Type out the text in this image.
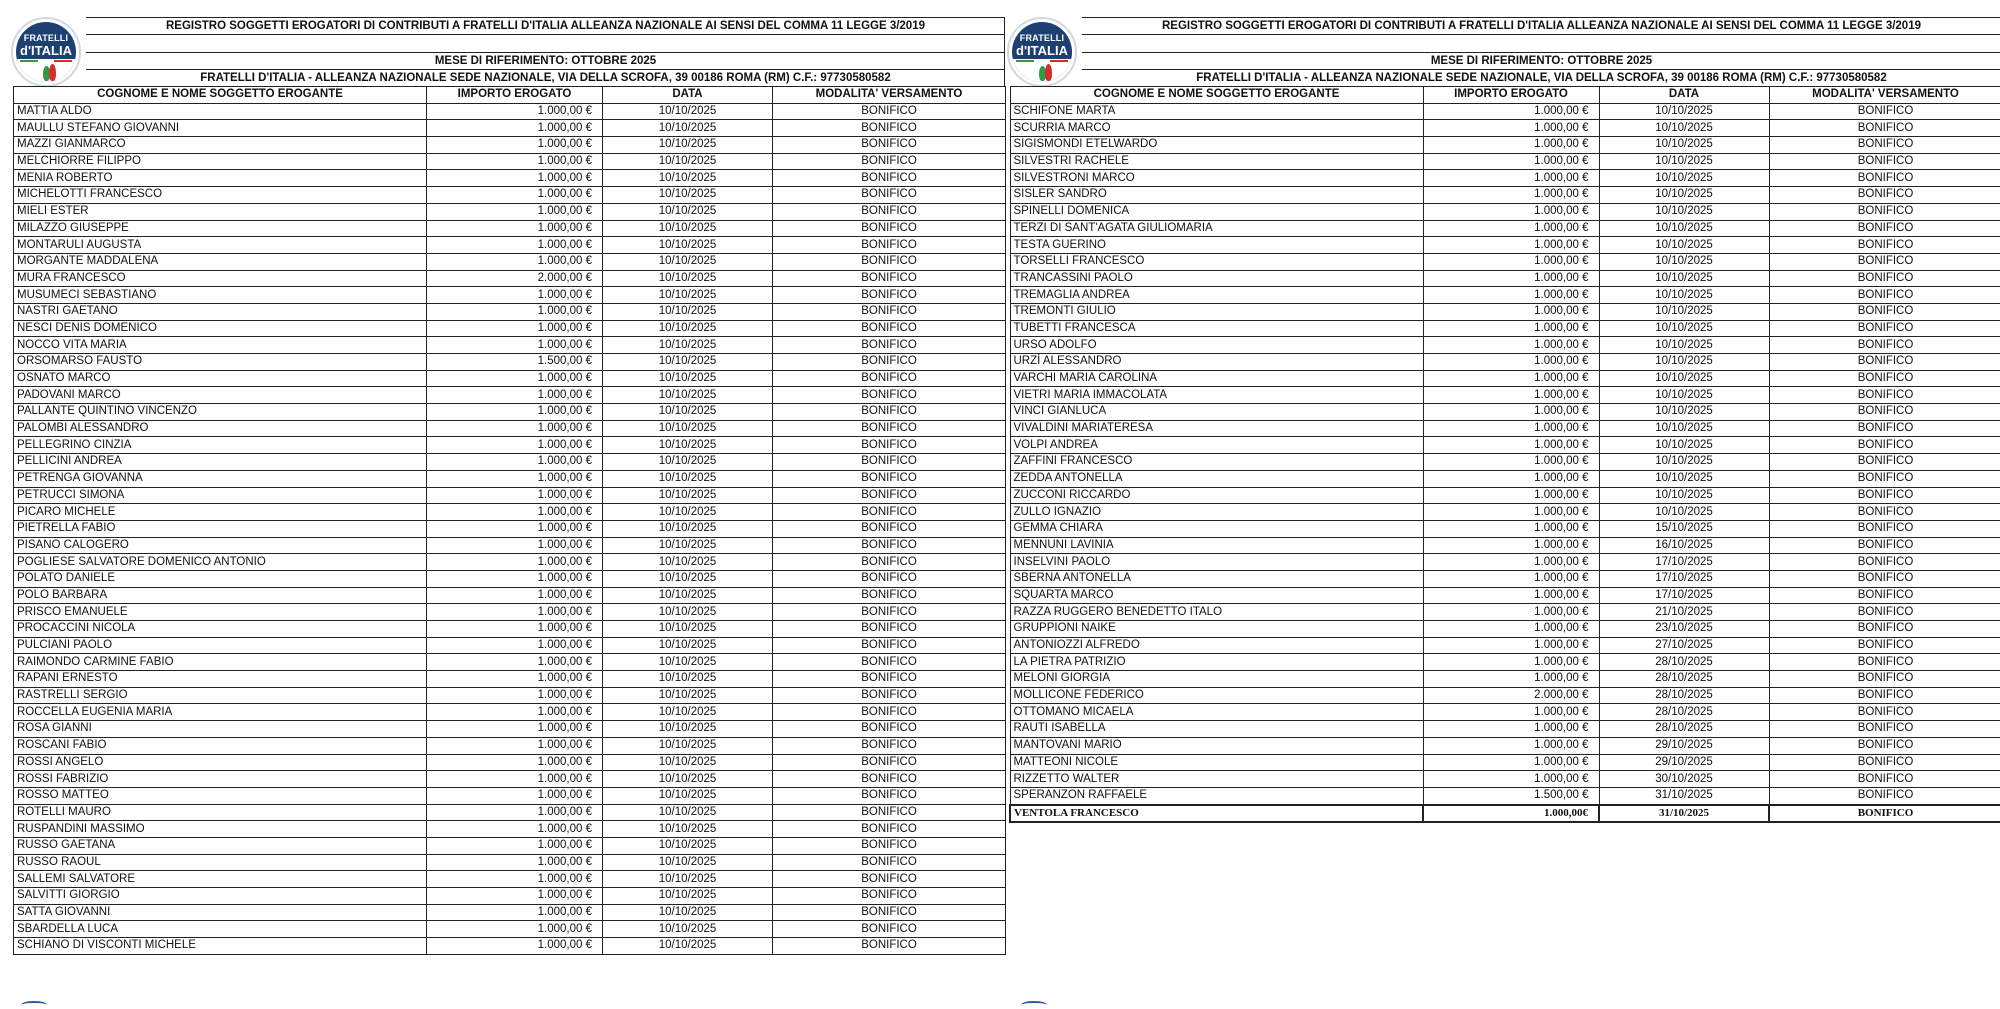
FRATELLI
d'ITALIA
REGISTRO SOGGETTI EROGATORI DI CONTRIBUTI A FRATELLI D'ITALIA ALLEANZA NAZIONALE AI SENSI DEL COMMA 11 LEGGE 3/2019
MESE DI RIFERIMENTO: OTTOBRE 2025
FRATELLI D'ITALIA - ALLEANZA NAZIONALE SEDE NAZIONALE, VIA DELLA SCROFA, 39 00186 ROMA (RM) C.F.: 97730580582
COGNOME E NOME SOGGETTO EROGANTE	IMPORTO EROGATO	DATA	MODALITA' VERSAMENTO
MATTIA ALDO	1.000,00 €	10/10/2025	BONIFICO
MAULLU STEFANO GIOVANNI	1.000,00 €	10/10/2025	BONIFICO
MAZZI GIANMARCO	1.000,00 €	10/10/2025	BONIFICO
MELCHIORRE FILIPPO	1.000,00 €	10/10/2025	BONIFICO
MENIA ROBERTO	1.000,00 €	10/10/2025	BONIFICO
MICHELOTTI FRANCESCO	1.000,00 €	10/10/2025	BONIFICO
MIELI ESTER	1.000,00 €	10/10/2025	BONIFICO
MILAZZO GIUSEPPE	1.000,00 €	10/10/2025	BONIFICO
MONTARULI AUGUSTA	1.000,00 €	10/10/2025	BONIFICO
MORGANTE MADDALENA	1.000,00 €	10/10/2025	BONIFICO
MURA FRANCESCO	2.000,00 €	10/10/2025	BONIFICO
MUSUMECI SEBASTIANO	1.000,00 €	10/10/2025	BONIFICO
NASTRI GAETANO	1.000,00 €	10/10/2025	BONIFICO
NESCI DENIS DOMENICO	1.000,00 €	10/10/2025	BONIFICO
NOCCO VITA MARIA	1.000,00 €	10/10/2025	BONIFICO
ORSOMARSO FAUSTO	1.500,00 €	10/10/2025	BONIFICO
OSNATO MARCO	1.000,00 €	10/10/2025	BONIFICO
PADOVANI MARCO	1.000,00 €	10/10/2025	BONIFICO
PALLANTE QUINTINO VINCENZO	1.000,00 €	10/10/2025	BONIFICO
PALOMBI ALESSANDRO	1.000,00 €	10/10/2025	BONIFICO
PELLEGRINO CINZIA	1.000,00 €	10/10/2025	BONIFICO
PELLICINI ANDREA	1.000,00 €	10/10/2025	BONIFICO
PETRENGA GIOVANNA	1.000,00 €	10/10/2025	BONIFICO
PETRUCCI SIMONA	1.000,00 €	10/10/2025	BONIFICO
PICARO MICHELE	1.000,00 €	10/10/2025	BONIFICO
PIETRELLA FABIO	1.000,00 €	10/10/2025	BONIFICO
PISANO CALOGERO	1.000,00 €	10/10/2025	BONIFICO
POGLIESE SALVATORE DOMENICO ANTONIO	1.000,00 €	10/10/2025	BONIFICO
POLATO DANIELE	1.000,00 €	10/10/2025	BONIFICO
POLO BARBARA	1.000,00 €	10/10/2025	BONIFICO
PRISCO EMANUELE	1.000,00 €	10/10/2025	BONIFICO
PROCACCINI NICOLA	1.000,00 €	10/10/2025	BONIFICO
PULCIANI PAOLO	1.000,00 €	10/10/2025	BONIFICO
RAIMONDO CARMINE FABIO	1.000,00 €	10/10/2025	BONIFICO
RAPANI ERNESTO	1.000,00 €	10/10/2025	BONIFICO
RASTRELLI SERGIO	1.000,00 €	10/10/2025	BONIFICO
ROCCELLA EUGENIA MARIA	1.000,00 €	10/10/2025	BONIFICO
ROSA GIANNI	1.000,00 €	10/10/2025	BONIFICO
ROSCANI FABIO	1.000,00 €	10/10/2025	BONIFICO
ROSSI ANGELO	1.000,00 €	10/10/2025	BONIFICO
ROSSI FABRIZIO	1.000,00 €	10/10/2025	BONIFICO
ROSSO MATTEO	1.000,00 €	10/10/2025	BONIFICO
ROTELLI MAURO	1.000,00 €	10/10/2025	BONIFICO
RUSPANDINI MASSIMO	1.000,00 €	10/10/2025	BONIFICO
RUSSO GAETANA	1.000,00 €	10/10/2025	BONIFICO
RUSSO RAOUL	1.000,00 €	10/10/2025	BONIFICO
SALLEMI SALVATORE	1.000,00 €	10/10/2025	BONIFICO
SALVITTI GIORGIO	1.000,00 €	10/10/2025	BONIFICO
SATTA GIOVANNI	1.000,00 €	10/10/2025	BONIFICO
SBARDELLA LUCA	1.000,00 €	10/10/2025	BONIFICO
SCHIANO DI VISCONTI MICHELE	1.000,00 €	10/10/2025	BONIFICO
FRATELLI
d'ITALIA
REGISTRO SOGGETTI EROGATORI DI CONTRIBUTI A FRATELLI D'ITALIA ALLEANZA NAZIONALE AI SENSI DEL COMMA 11 LEGGE 3/2019
MESE DI RIFERIMENTO: OTTOBRE 2025
FRATELLI D'ITALIA - ALLEANZA NAZIONALE SEDE NAZIONALE, VIA DELLA SCROFA, 39 00186 ROMA (RM) C.F.: 97730580582
COGNOME E NOME SOGGETTO EROGANTE	IMPORTO EROGATO	DATA	MODALITA' VERSAMENTO
SCHIFONE MARTA	1.000,00 €	10/10/2025	BONIFICO
SCURRIA MARCO	1.000,00 €	10/10/2025	BONIFICO
SIGISMONDI ETELWARDO	1.000,00 €	10/10/2025	BONIFICO
SILVESTRI RACHELE	1.000,00 €	10/10/2025	BONIFICO
SILVESTRONI MARCO	1.000,00 €	10/10/2025	BONIFICO
SISLER SANDRO	1.000,00 €	10/10/2025	BONIFICO
SPINELLI DOMENICA	1.000,00 €	10/10/2025	BONIFICO
TERZI DI SANT'AGATA GIULIOMARIA	1.000,00 €	10/10/2025	BONIFICO
TESTA GUERINO	1.000,00 €	10/10/2025	BONIFICO
TORSELLI FRANCESCO	1.000,00 €	10/10/2025	BONIFICO
TRANCASSINI PAOLO	1.000,00 €	10/10/2025	BONIFICO
TREMAGLIA ANDREA	1.000,00 €	10/10/2025	BONIFICO
TREMONTI GIULIO	1.000,00 €	10/10/2025	BONIFICO
TUBETTI FRANCESCA	1.000,00 €	10/10/2025	BONIFICO
URSO ADOLFO	1.000,00 €	10/10/2025	BONIFICO
URZÌ ALESSANDRO	1.000,00 €	10/10/2025	BONIFICO
VARCHI MARIA CAROLINA	1.000,00 €	10/10/2025	BONIFICO
VIETRI MARIA IMMACOLATA	1.000,00 €	10/10/2025	BONIFICO
VINCI GIANLUCA	1.000,00 €	10/10/2025	BONIFICO
VIVALDINI MARIATERESA	1.000,00 €	10/10/2025	BONIFICO
VOLPI ANDREA	1.000,00 €	10/10/2025	BONIFICO
ZAFFINI FRANCESCO	1.000,00 €	10/10/2025	BONIFICO
ZEDDA ANTONELLA	1.000,00 €	10/10/2025	BONIFICO
ZUCCONI RICCARDO	1.000,00 €	10/10/2025	BONIFICO
ZULLO IGNAZIO	1.000,00 €	10/10/2025	BONIFICO
GEMMA CHIARA	1.000,00 €	15/10/2025	BONIFICO
MENNUNI LAVINIA	1.000,00 €	16/10/2025	BONIFICO
INSELVINI PAOLO	1.000,00 €	17/10/2025	BONIFICO
SBERNA ANTONELLA	1.000,00 €	17/10/2025	BONIFICO
SQUARTA MARCO	1.000,00 €	17/10/2025	BONIFICO
RAZZA RUGGERO BENEDETTO ITALO	1.000,00 €	21/10/2025	BONIFICO
GRUPPIONI NAIKE	1.000,00 €	23/10/2025	BONIFICO
ANTONIOZZI ALFREDO	1.000,00 €	27/10/2025	BONIFICO
LA PIETRA PATRIZIO	1.000,00 €	28/10/2025	BONIFICO
MELONI GIORGIA	1.000,00 €	28/10/2025	BONIFICO
MOLLICONE FEDERICO	2.000,00 €	28/10/2025	BONIFICO
OTTOMANO MICAELA	1.000,00 €	28/10/2025	BONIFICO
RAUTI ISABELLA	1.000,00 €	28/10/2025	BONIFICO
MANTOVANI MARIO	1.000,00 €	29/10/2025	BONIFICO
MATTEONI NICOLE	1.000,00 €	29/10/2025	BONIFICO
RIZZETTO WALTER	1.000,00 €	30/10/2025	BONIFICO
SPERANZON RAFFAELE	1.500,00 €	31/10/2025	BONIFICO
VENTOLA FRANCESCO	1.000,00€	31/10/2025	BONIFICO
